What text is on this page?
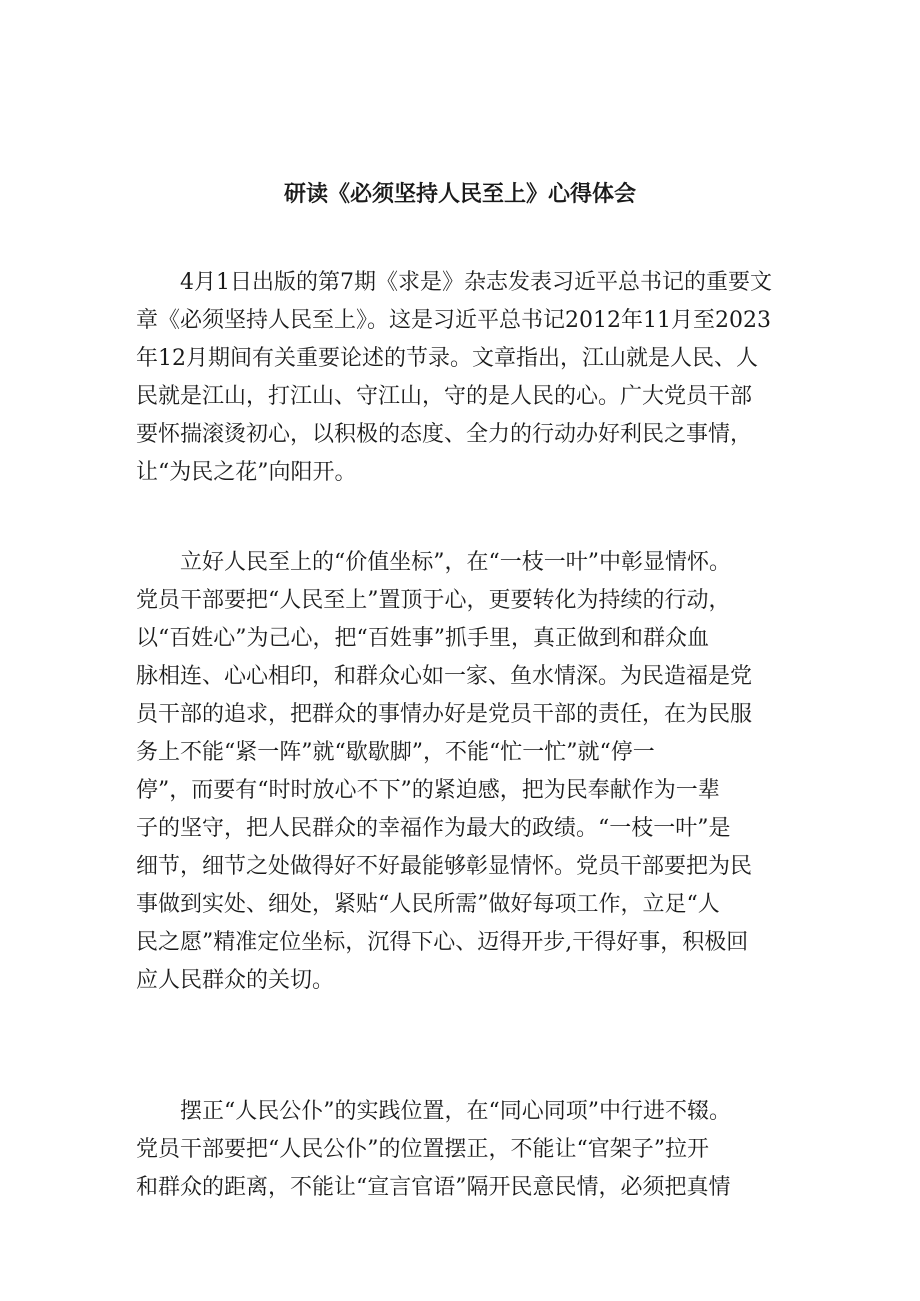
研读《必须坚持人民至上》心得体会
　　4月1日出版的第7期《求是》杂志发表习近平总书记的重要文
章《必须坚持人民至上》。这是习近平总书记2012年11月至2023
年12月期间有关重要论述的节录。文章指出，江山就是人民、人
民就是江山，打江山、守江山，守的是人民的心。广大党员干部
要怀揣滚烫初心，以积极的态度、全力的行动办好利民之事情，
让“为民之花”向阳开。
　　立好人民至上的“价值坐标”，在“一枝一叶”中彰显情怀。
党员干部要把“人民至上”置顶于心，更要转化为持续的行动，
以“百姓心”为己心，把“百姓事”抓手里，真正做到和群众血
脉相连、心心相印，和群众心如一家、鱼水情深。为民造福是党
员干部的追求，把群众的事情办好是党员干部的责任，在为民服
务上不能“紧一阵”就“歇歇脚”，不能“忙一忙”就“停一
停”，而要有“时时放心不下”的紧迫感，把为民奉献作为一辈
子的坚守，把人民群众的幸福作为最大的政绩。“一枝一叶”是
细节，细节之处做得好不好最能够彰显情怀。党员干部要把为民
事做到实处、细处，紧贴“人民所需”做好每项工作，立足“人
民之愿”精准定位坐标，沉得下心、迈得开步,干得好事，积极回
应人民群众的关切。
　　摆正“人民公仆”的实践位置，在“同心同项”中行进不辍。
党员干部要把“人民公仆”的位置摆正，不能让“官架子”拉开
和群众的距离，不能让“宣言官语”隔开民意民情，必须把真情
